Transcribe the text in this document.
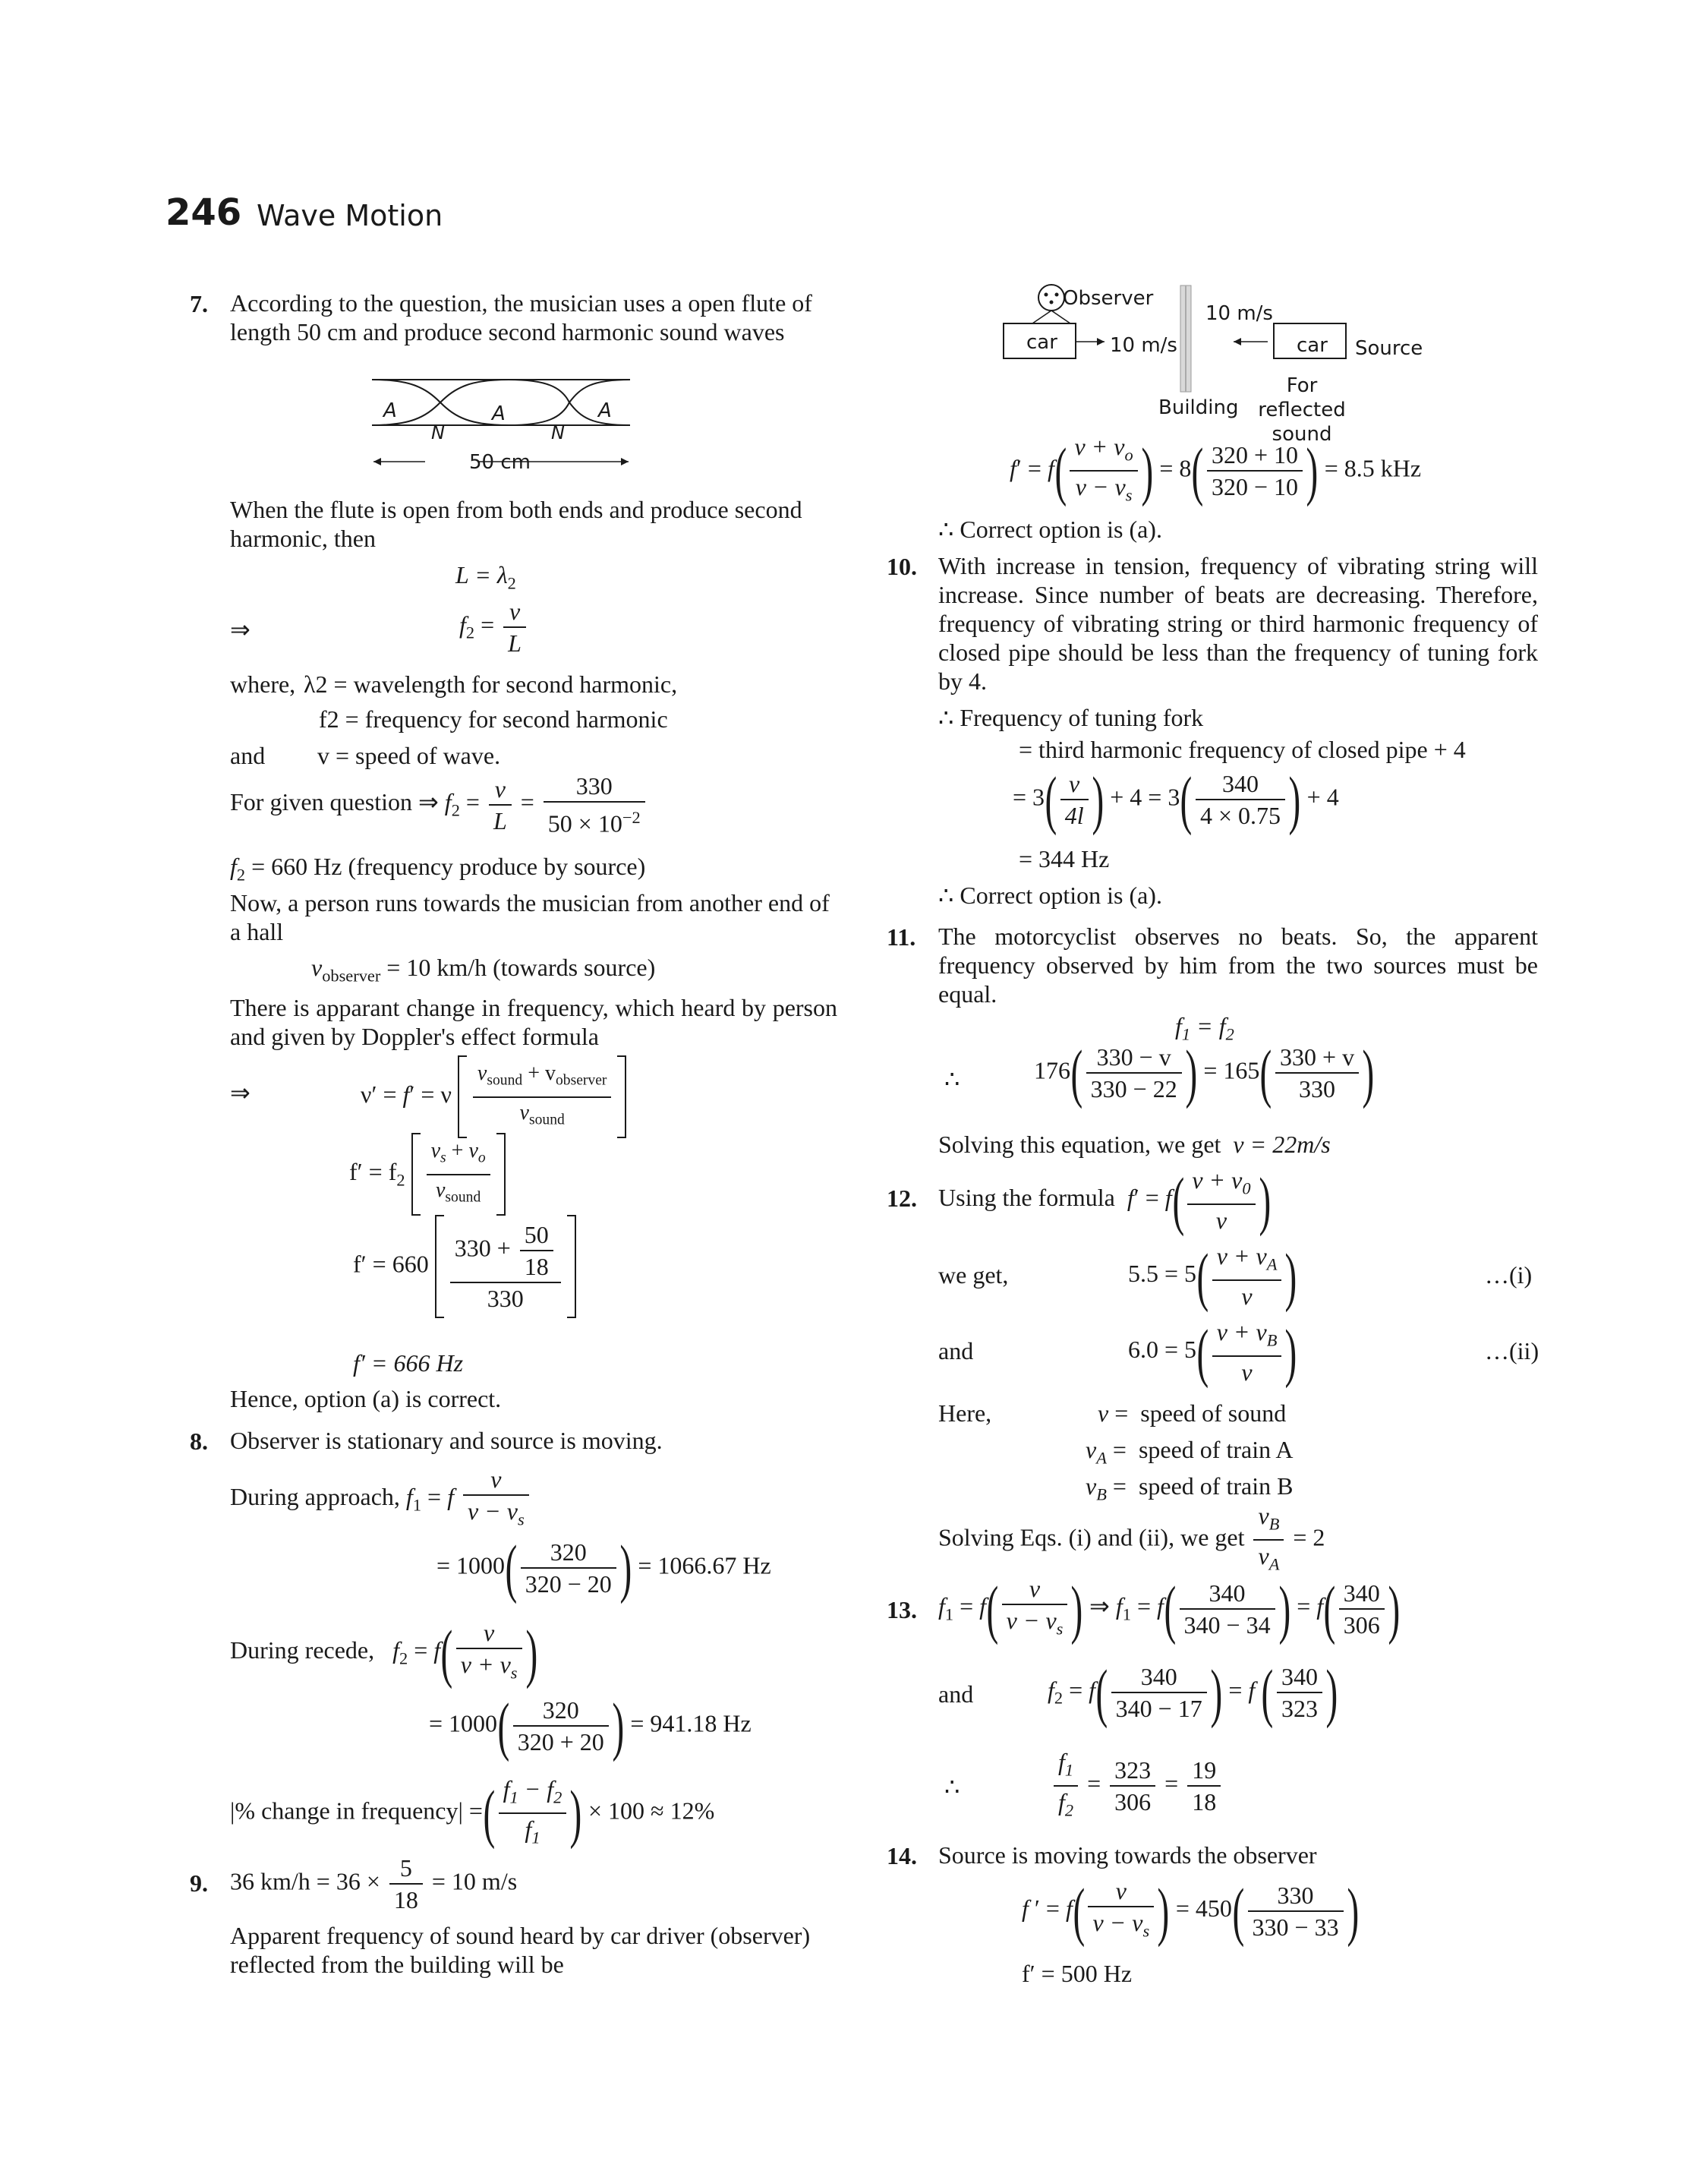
246 Wave Motion
7. According to the question, the musician uses a open flute of length 50 cm and produce second harmonic sound waves
A	A	A
N	N
50 cm
When the flute is open from both ends and produce second harmonic, then
$L = \lambda_2$
⇒	$f_2 = \frac{v}{L}$
where, λ2 = wavelength for second harmonic,
f2 = frequency for second harmonic
and v = speed of wave.
For given question ⇒ $f_2 = \frac{v}{L} = \frac{330}{50 \times 10^{-2}}$
$f_2 = 660$ Hz (frequency produce by source)
Now, a person runs towards the musician from another end of a hall
$v_{observer} = 10$ km/h (towards source)
There is apparant change in frequency, which heard by person and given by Doppler's effect formula
⇒	ν′ = f′ = ν $\frac{v_{sound} + v_{observer}}{v_{sound}}$
$f' = f_2 \frac{v_s + v_o}{v_{sound}}$
$f' = 660 \frac{330 + \frac{50}{18}}{330}$
f′ = 666 Hz
Hence, option (a) is correct.
8. Observer is stationary and source is moving.
During approach, $f_1 = f \frac{v}{v - v_s}$
= $1000( \frac{320}{320 - 20}$ ) = 1066.67 Hz
During recede, $f_2 = f( \frac{v}{v + v_s}$ )
= $1000( \frac{320}{320 + 20}$ ) = 941.18 Hz
|% change in frequency| =( $\frac{f_1 - f_2}{f_1}$ ) × 100 ≈ 12%
9. 36 $km/h = 36 \times \frac{5}{18} = 10$ m/s
Apparent frequency of sound heard by car driver (observer) reflected from the building will be
Observer
car	10 m/s
10 m/s
car Source
Building
For reflected sound
$f' = f( \frac{v + v_o}{v - v_s}$ ) = $8( \frac{320 + 10}{320 - 10}$ ) = 8.5 kHz
∴ Correct option is (a).
10. With increase in tension, frequency of vibrating string will increase. Since number of beats are decreasing. Therefore, frequency of vibrating string or third harmonic frequency of closed pipe should be less than the frequency of tuning fork by 4.
∴ Frequency of tuning fork
= third harmonic frequency of closed pipe + 4
= $3( \frac{v}{4l}$ ) + $4 = 3( \frac{340}{4 \times 0.75}$ ) + 4
= 344 Hz
∴ Correct option is (a).
11. The motorcyclist observes no beats. So, the apparent frequency observed by him from the two sources must be equal.
$f_1 = f_2$
∴	$176( \frac{330 - v}{330 - 22}$ ) = $165( \frac{330 + v}{330}$ )
Solving this equation, we get v = 22m/s
12. Using the formula $f' = f( \frac{v + v_0}{v}$ )
we get,	$5.5 = 5( \frac{v + v_A}{v}$ )	…(i)
and	$6.0 = 5( \frac{v + v_B}{v}$ )	…(ii)
Here,	v =  speed of sound
$v_A$ =  speed of train A
$v_B$ =  speed of train B
Solving Eqs. (i) and (ii), we get $\frac{v_B}{v_A} = 2$
13. $f_1 = f( \frac{v}{v - v_s}$ ) ⇒ $f_1 = f( \frac{340}{340 - 34}$ ) = $f( \frac{340}{306}$ )
and	$f_2 = f( \frac{340}{340 - 17}$ ) = f ( $\frac{340}{323}$ )
∴	$\frac{f_1}{f_2} = \frac{323}{306} = \frac{19}{18}$
14. Source is moving towards the observer
f ′ = $f( \frac{v}{v - v_s}$ ) = $450( \frac{330}{330 - 33}$ )
f′ = 500 Hz
